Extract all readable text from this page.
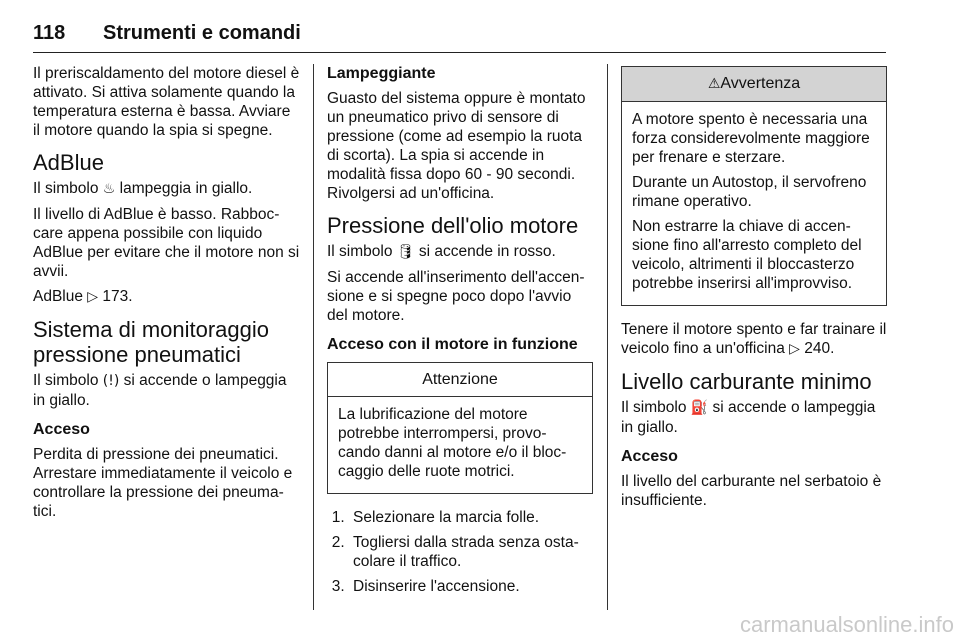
118 Strumenti e comandi

Il preriscaldamento del motore diesel è attivato. Si attiva solamente quando la temperatura esterna è bassa. Avviare il motore quando la spia si spegne.

AdBlue

Il simbolo ♨ lampeggia in giallo.

Il livello di AdBlue è basso. Rabboccare appena possibile con liquido AdBlue per evitare che il motore non si avvii.

AdBlue ▷ 173.

Sistema di monitoraggio pressione pneumatici

Il simbolo (!) si accende o lampeggia in giallo.

Acceso

Perdita di pressione dei pneumatici. Arrestare immediatamente il veicolo e controllare la pressione dei pneumatici.

Lampeggiante

Guasto del sistema oppure è montato un pneumatico privo di sensore di pressione (come ad esempio la ruota di scorta). La spia si accende in modalità fissa dopo 60 - 90 secondi. Rivolgersi ad un'officina.

Pressione dell'olio motore

Il simbolo 🛢 si accende in rosso.

Si accende all'inserimento dell'accensione e si spegne poco dopo l'avvio del motore.

Acceso con il motore in funzione
Attenzione

La lubrificazione del motore potrebbe interrompersi, provocando danni al motore e/o il bloccaggio delle ruote motrici.

1. Selezionare la marcia folle.
2. Togliersi dalla strada senza ostacolare il traffico.
3. Disinserire l'accensione.
⚠Avvertenza

A motore spento è necessaria una forza considerevolmente maggiore per frenare e sterzare.

Durante un Autostop, il servofreno rimane operativo.

Non estrarre la chiave di accensione fino all'arresto completo del veicolo, altrimenti il bloccasterzo potrebbe inserirsi all'improvviso.

Tenere il motore spento e far trainare il veicolo fino a un'officina ▷ 240.

Livello carburante minimo

Il simbolo ⛽ si accende o lampeggia in giallo.

Acceso

Il livello del carburante nel serbatoio è insufficiente.

carmanualsonline.info
